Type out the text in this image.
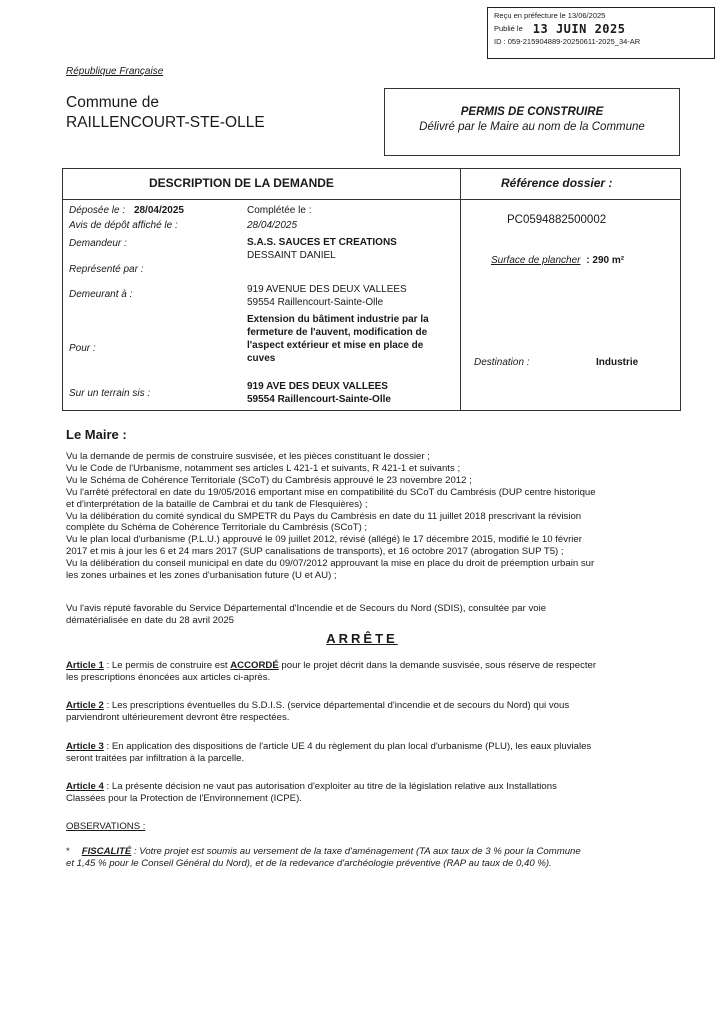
Reçu en préfecture le 13/06/2025
Publié le 13 JUIN 2025
ID : 059-215904889-20250611-2025_34-AR
République Française
Commune de
RAILLENCOURT-STE-OLLE
PERMIS DE CONSTRUIRE
Délivré par le Maire au nom de la Commune
DESCRIPTION DE LA DEMANDE	Référence dossier :
Déposée le : 28/04/2025	Complétée le :
Avis de dépôt affiché le :	28/04/2025
Demandeur :	S.A.S. SAUCES ET CREATIONS
DESSAINT DANIEL
Représenté par :
Demeurant à :	919 AVENUE DES DEUX VALLEES
59554 Raillencourt-Sainte-Olle
Pour :
Extension du bâtiment industrie par la
fermeture de l'auvent, modification de
l'aspect extérieur et mise en place de
cuves
Sur un terrain sis :
919 AVE DES DEUX VALLEES
59554 Raillencourt-Sainte-Olle
PC0594882500002
Surface de plancher : 290 m²
Destination :	Industrie
Le Maire :
Vu la demande de permis de construire susvisée, et les pièces constituant le dossier ;
Vu le Code de l'Urbanisme, notamment ses articles L 421-1 et suivants, R 421-1 et suivants ;
Vu le Schéma de Cohérence Territoriale (SCoT) du Cambrésis approuvé le 23 novembre 2012 ;
Vu l'arrêté préfectoral en date du 19/05/2016 emportant mise en compatibilité du SCoT du Cambrésis (DUP centre historique
et d'interprétation de la bataille de Cambrai et du tank de Flesquières) ;
Vu la délibération du comité syndical du SMPETR du Pays du Cambrésis en date du 11 juillet 2018 prescrivant la révision
complète du Schéma de Cohérence Territoriale du Cambrésis (SCoT) ;
Vu le plan local d'urbanisme (P.L.U.) approuvé le 09 juillet 2012, révisé (allégé) le 17 décembre 2015, modifié le 10 février
2017 et mis à jour les 6 et 24 mars 2017 (SUP canalisations de transports), et 16 octobre 2017 (abrogation SUP T5) ;
Vu la délibération du conseil municipal en date du 09/07/2012 approuvant la mise en place du droit de préemption urbain sur
les zones urbaines et les zones d'urbanisation future (U et AU) ;
Vu l'avis réputé favorable du Service Départemental d'Incendie et de Secours du Nord (SDIS), consultée par voie
dématérialisée en date du 28 avril 2025
ARRÊTE
Article 1 : Le permis de construire est ACCORDÉ pour le projet décrit dans la demande susvisée, sous réserve de respecter
les prescriptions énoncées aux articles ci-après.
Article 2 : Les prescriptions éventuelles du S.D.I.S. (service départemental d'incendie et de secours du Nord) qui vous
parviendront ultérieurement devront être respectées.
Article 3 : En application des dispositions de l'article UE 4 du règlement du plan local d'urbanisme (PLU), les eaux pluviales
seront traitées par infiltration à la parcelle.
Article 4 : La présente décision ne vaut pas autorisation d'exploiter au titre de la législation relative aux Installations
Classées pour la Protection de l'Environnement (ICPE).
OBSERVATIONS :
* FISCALITÉ : Votre projet est soumis au versement de la taxe d'aménagement (TA aux taux de 3 % pour la Commune
et 1,45 % pour le Conseil Général du Nord), et de la redevance d'archéologie préventive (RAP au taux de 0,40 %).
